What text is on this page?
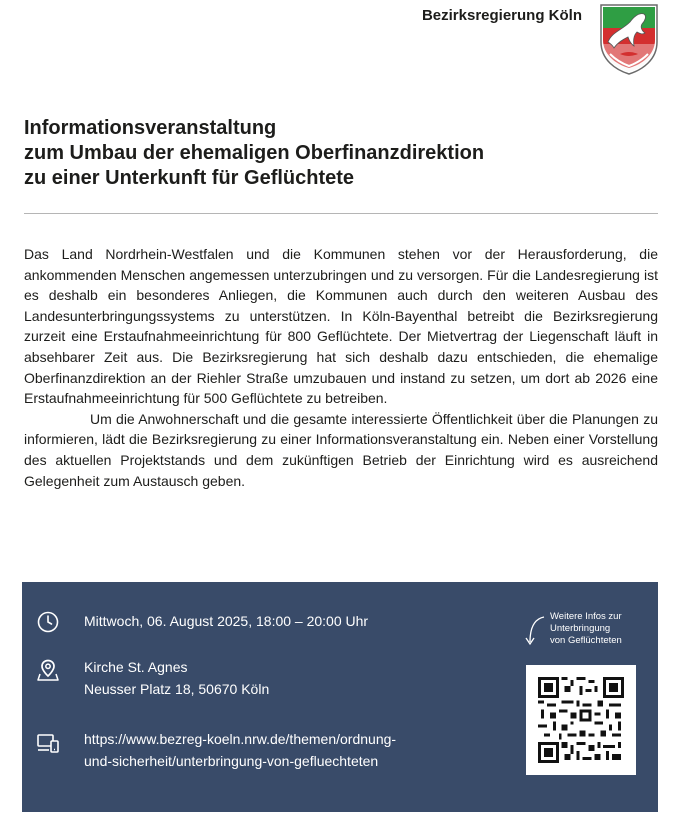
Bezirksregierung Köln
Informationsveranstaltung
zum Umbau der ehemaligen Oberfinanzdirektion
zu einer Unterkunft für Geflüchtete

Das Land Nordrhein-Westfalen und die Kommunen stehen vor der Herausforderung, die ankommenden Menschen angemessen unterzubringen und zu versorgen. Für die Landesregierung ist es deshalb ein besonderes Anliegen, die Kommunen auch durch den weiteren Ausbau des Landesunterbringungssystems zu unterstützen. In Köln-Bayenthal betreibt die Bezirksregierung zurzeit eine Erstaufnahmeeinrichtung für 800 Geflüchtete. Der Mietvertrag der Liegenschaft läuft in absehbarer Zeit aus. Die Bezirksregierung hat sich deshalb dazu entschieden, die ehemalige Oberfinanzdirektion an der Riehler Straße umzubauen und instand zu setzen, um dort ab 2026 eine Erstaufnahmeeinrichtung für 500 Geflüchtete zu betreiben.

Um die Anwohnerschaft und die gesamte interessierte Öffentlichkeit über die Planungen zu informieren, lädt die Bezirksregierung zu einer Informationsveranstaltung ein. Neben einer Vorstellung des aktuellen Projektstands und dem zukünftigen Betrieb der Einrichtung wird es ausreichend Gelegenheit zum Austausch geben.

Mittwoch, 06. August 2025, 18:00 – 20:00 Uhr
Kirche St. Agnes
Neusser Platz 18, 50670 Köln
https://www.bezreg-koeln.nrw.de/themen/ordnung-
und-sicherheit/unterbringung-von-gefluechteten
Weitere Infos zur
Unterbringung
von Geflüchteten
